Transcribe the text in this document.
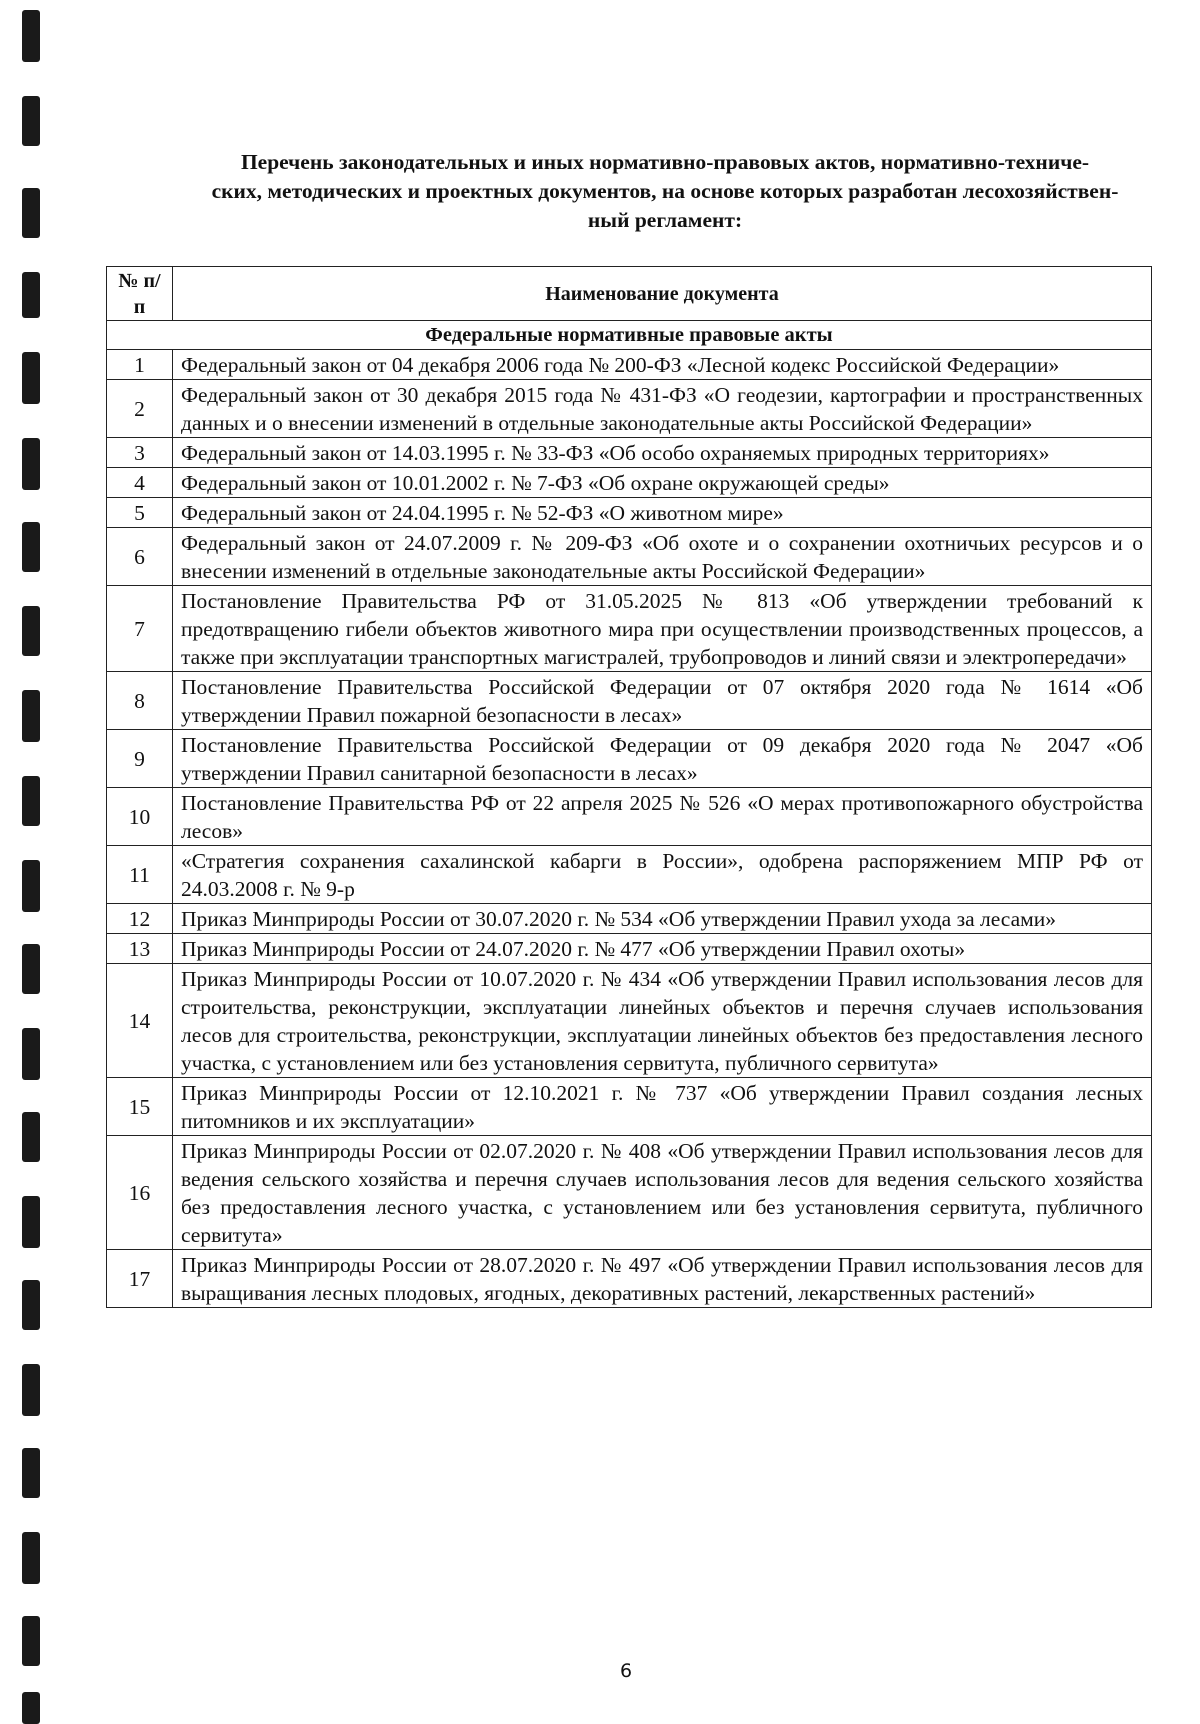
Перечень законодательных и иных нормативно-правовых актов, нормативно-техниче-
ских, методических и проектных документов, на основе которых разработан лесохозяйствен-
ный регламент:

№ п/п	Наименование документа
Федеральные нормативные правовые акты	
1	Федеральный закон от 04 декабря 2006 года № 200-ФЗ «Лесной кодекс Российской Федерации»
2	Федеральный закон от 30 декабря 2015 года № 431-ФЗ «О геодезии, картографии и пространственных данных и о внесении изменений в отдельные законодательные акты Российской Федерации»
3	Федеральный закон от 14.03.1995 г. № 33-ФЗ «Об особо охраняемых природных территориях»
4	Федеральный закон от 10.01.2002 г. № 7-ФЗ «Об охране окружающей среды»
5	Федеральный закон от 24.04.1995 г. № 52-ФЗ «О животном мире»
6	Федеральный закон от 24.07.2009 г. № 209-ФЗ «Об охоте и о сохранении охотничьих ресурсов и о внесении изменений в отдельные законодательные акты Российской Федерации»
7	Постановление Правительства РФ от 31.05.2025 № 813 «Об утверждении требований к предотвращению гибели объектов животного мира при осуществлении производственных процессов, а также при эксплуатации транспортных магистралей, трубопроводов и линий связи и электропередачи»
8	Постановление Правительства Российской Федерации от 07 октября 2020 года № 1614 «Об утверждении Правил пожарной безопасности в лесах»
9	Постановление Правительства Российской Федерации от 09 декабря 2020 года № 2047 «Об утверждении Правил санитарной безопасности в лесах»
10	Постановление Правительства РФ от 22 апреля 2025 № 526 «О мерах противопожарного обустройства лесов»
11	«Стратегия сохранения сахалинской кабарги в России», одобрена распоряжением МПР РФ от 24.03.2008 г. № 9-р
12	Приказ Минприроды России от 30.07.2020 г. № 534 «Об утверждении Правил ухода за лесами»
13	Приказ Минприроды России от 24.07.2020 г. № 477 «Об утверждении Правил охоты»
14	Приказ Минприроды России от 10.07.2020 г. № 434 «Об утверждении Правил использования лесов для строительства, реконструкции, эксплуатации линейных объектов и перечня случаев использования лесов для строительства, реконструкции, эксплуатации линейных объектов без предоставления лесного участка, с установлением или без установления сервитута, публичного сервитута»
15	Приказ Минприроды России от 12.10.2021 г. № 737 «Об утверждении Правил создания лесных питомников и их эксплуатации»
16	Приказ Минприроды России от 02.07.2020 г. № 408 «Об утверждении Правил использования лесов для ведения сельского хозяйства и перечня случаев использования лесов для ведения сельского хозяйства без предоставления лесного участка, с установлением или без установления сервитута, публичного сервитута»
17	Приказ Минприроды России от 28.07.2020 г. № 497 «Об утверждении Правил использования лесов для выращивания лесных плодовых, ягодных, декоративных растений, лекарственных растений»
6
